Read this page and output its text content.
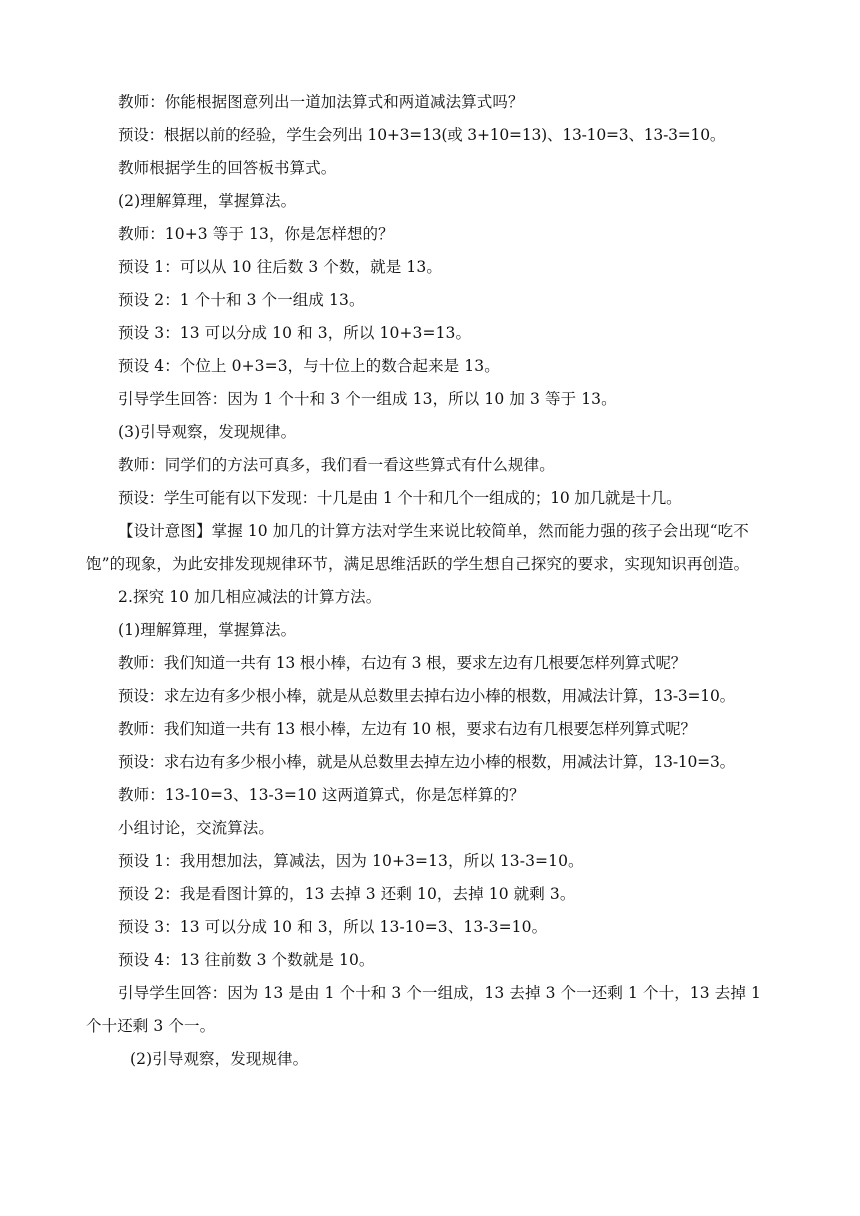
教师：你能根据图意列出一道加法算式和两道减法算式吗？

预设：根据以前的经验，学生会列出 10+3=13(或 3+10=13)、13-10=3、13-3=10。

教师根据学生的回答板书算式。

(2)理解算理，掌握算法。

教师：10+3 等于 13，你是怎样想的？

预设 1：可以从 10 往后数 3 个数，就是 13。

预设 2：1 个十和 3 个一组成 13。

预设 3：13 可以分成 10 和 3，所以 10+3=13。

预设 4：个位上 0+3=3，与十位上的数合起来是 13。

引导学生回答：因为 1 个十和 3 个一组成 13，所以 10 加 3 等于 13。

(3)引导观察，发现规律。

教师：同学们的方法可真多，我们看一看这些算式有什么规律。

预设：学生可能有以下发现：十几是由 1 个十和几个一组成的；10 加几就是十几。

【设计意图】掌握 10 加几的计算方法对学生来说比较简单，然而能力强的孩子会出现“吃不饱”的现象，为此安排发现规律环节，满足思维活跃的学生想自己探究的要求，实现知识再创造。

2.探究 10 加几相应减法的计算方法。

(1)理解算理，掌握算法。

教师：我们知道一共有 13 根小棒，右边有 3 根，要求左边有几根要怎样列算式呢？

预设：求左边有多少根小棒，就是从总数里去掉右边小棒的根数，用减法计算，13-3=10。

教师：我们知道一共有 13 根小棒，左边有 10 根，要求右边有几根要怎样列算式呢？

预设：求右边有多少根小棒，就是从总数里去掉左边小棒的根数，用减法计算，13-10=3。

教师：13-10=3、13-3=10 这两道算式，你是怎样算的？

小组讨论，交流算法。

预设 1：我用想加法，算减法，因为 10+3=13，所以 13-3=10。

预设 2：我是看图计算的，13 去掉 3 还剩 10，去掉 10 就剩 3。

预设 3：13 可以分成 10 和 3，所以 13-10=3、13-3=10。

预设 4：13 往前数 3 个数就是 10。

引导学生回答：因为 13 是由 1 个十和 3 个一组成，13 去掉 3 个一还剩 1 个十，13 去掉 1 个十还剩 3 个一。

(2)引导观察，发现规律。
